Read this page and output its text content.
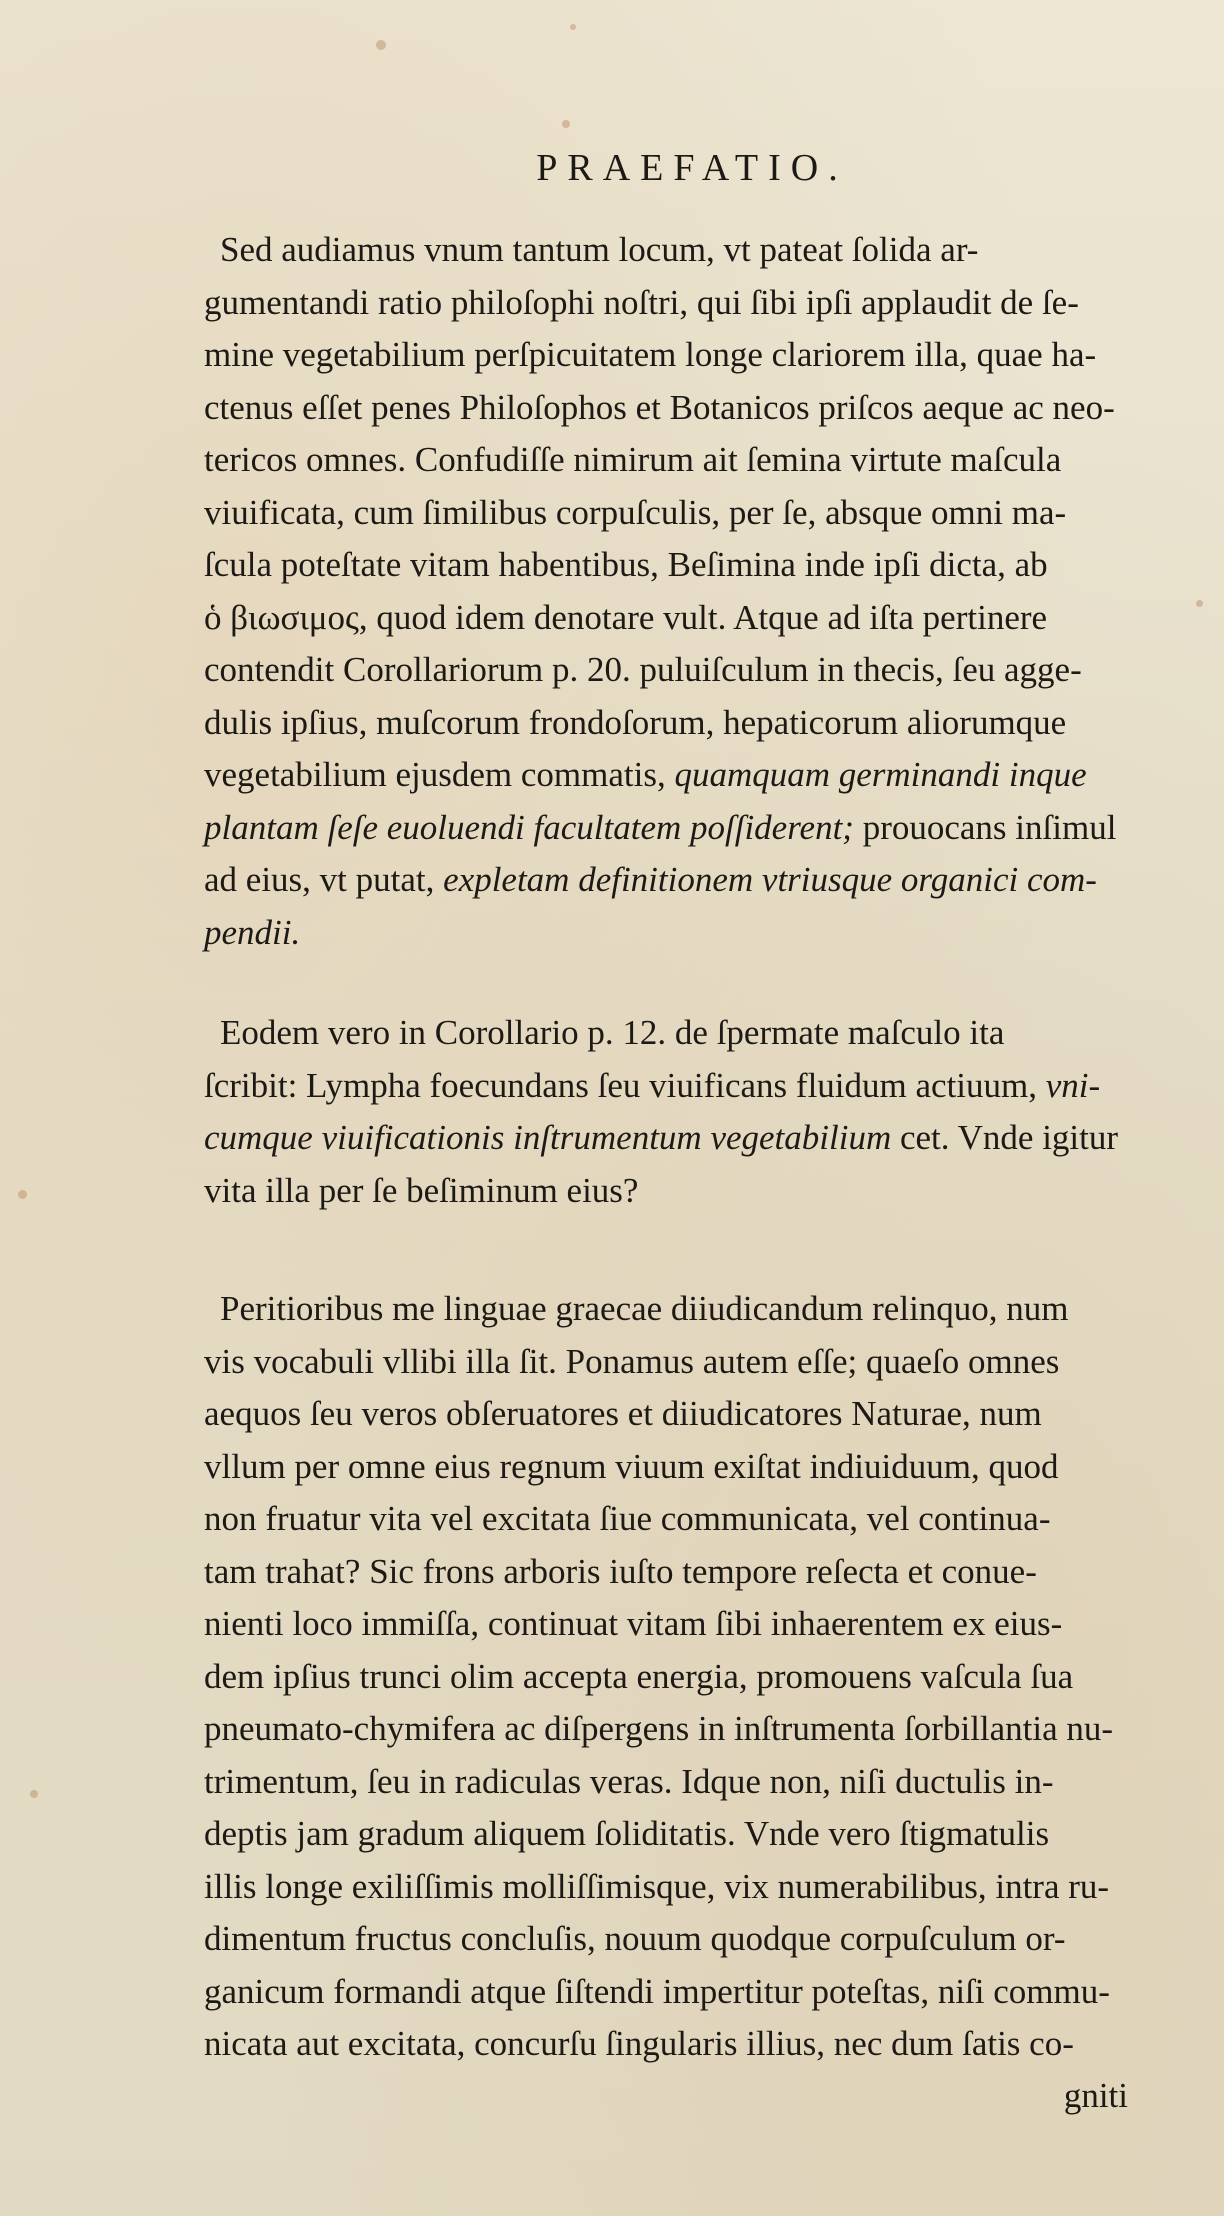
PRAEFATIO.

Sed audiamus vnum tantum locum, vt pateat ſolida ar-
gumentandi ratio philoſophi noſtri, qui ſibi ipſi applaudit de ſe-
mine vegetabilium perſpicuitatem longe clariorem illa, quae ha-
ctenus eſſet penes Philoſophos et Botanicos priſcos aeque ac neo-
tericos omnes. Confudiſſe nimirum ait ſemina virtute maſcula
viuificata, cum ſimilibus corpuſculis, per ſe, absque omni ma-
ſcula poteſtate vitam habentibus, Beſimina inde ipſi dicta, ab
ὁ βιωσιμος, quod idem denotare vult. Atque ad iſta pertinere
contendit Corollariorum p. 20. puluiſculum in thecis, ſeu agge-
dulis ipſius, muſcorum frondoſorum, hepaticorum aliorumque
vegetabilium ejusdem commatis, quamquam germinandi inque
plantam ſeſe euoluendi facultatem poſſiderent; prouocans inſimul
ad eius, vt putat, expletam definitionem vtriusque organici com-
pendii.

Eodem vero in Corollario p. 12. de ſpermate maſculo ita
ſcribit: Lympha foecundans ſeu viuificans fluidum actiuum, vni-
cumque viuificationis inſtrumentum vegetabilium cet. Vnde igitur
vita illa per ſe beſiminum eius?

Peritioribus me linguae graecae diiudicandum relinquo, num
vis vocabuli vllibi illa ſit. Ponamus autem eſſe; quaeſo omnes
aequos ſeu veros obſeruatores et diiudicatores Naturae, num
vllum per omne eius regnum viuum exiſtat indiuiduum, quod
non fruatur vita vel excitata ſiue communicata, vel continua-
tam trahat? Sic frons arboris iuſto tempore reſecta et conue-
nienti loco immiſſa, continuat vitam ſibi inhaerentem ex eius-
dem ipſius trunci olim accepta energia, promouens vaſcula ſua
pneumato-chymifera ac diſpergens in inſtrumenta ſorbillantia nu-
trimentum, ſeu in radiculas veras. Idque non, niſi ductulis in-
deptis jam gradum aliquem ſoliditatis. Vnde vero ſtigmatulis
illis longe exiliſſimis molliſſimisque, vix numerabilibus, intra ru-
dimentum fructus concluſis, nouum quodque corpuſculum or-
ganicum formandi atque ſiſtendi impertitur poteſtas, niſi commu-
nicata aut excitata, concurſu ſingularis illius, nec dum ſatis co-

gniti
